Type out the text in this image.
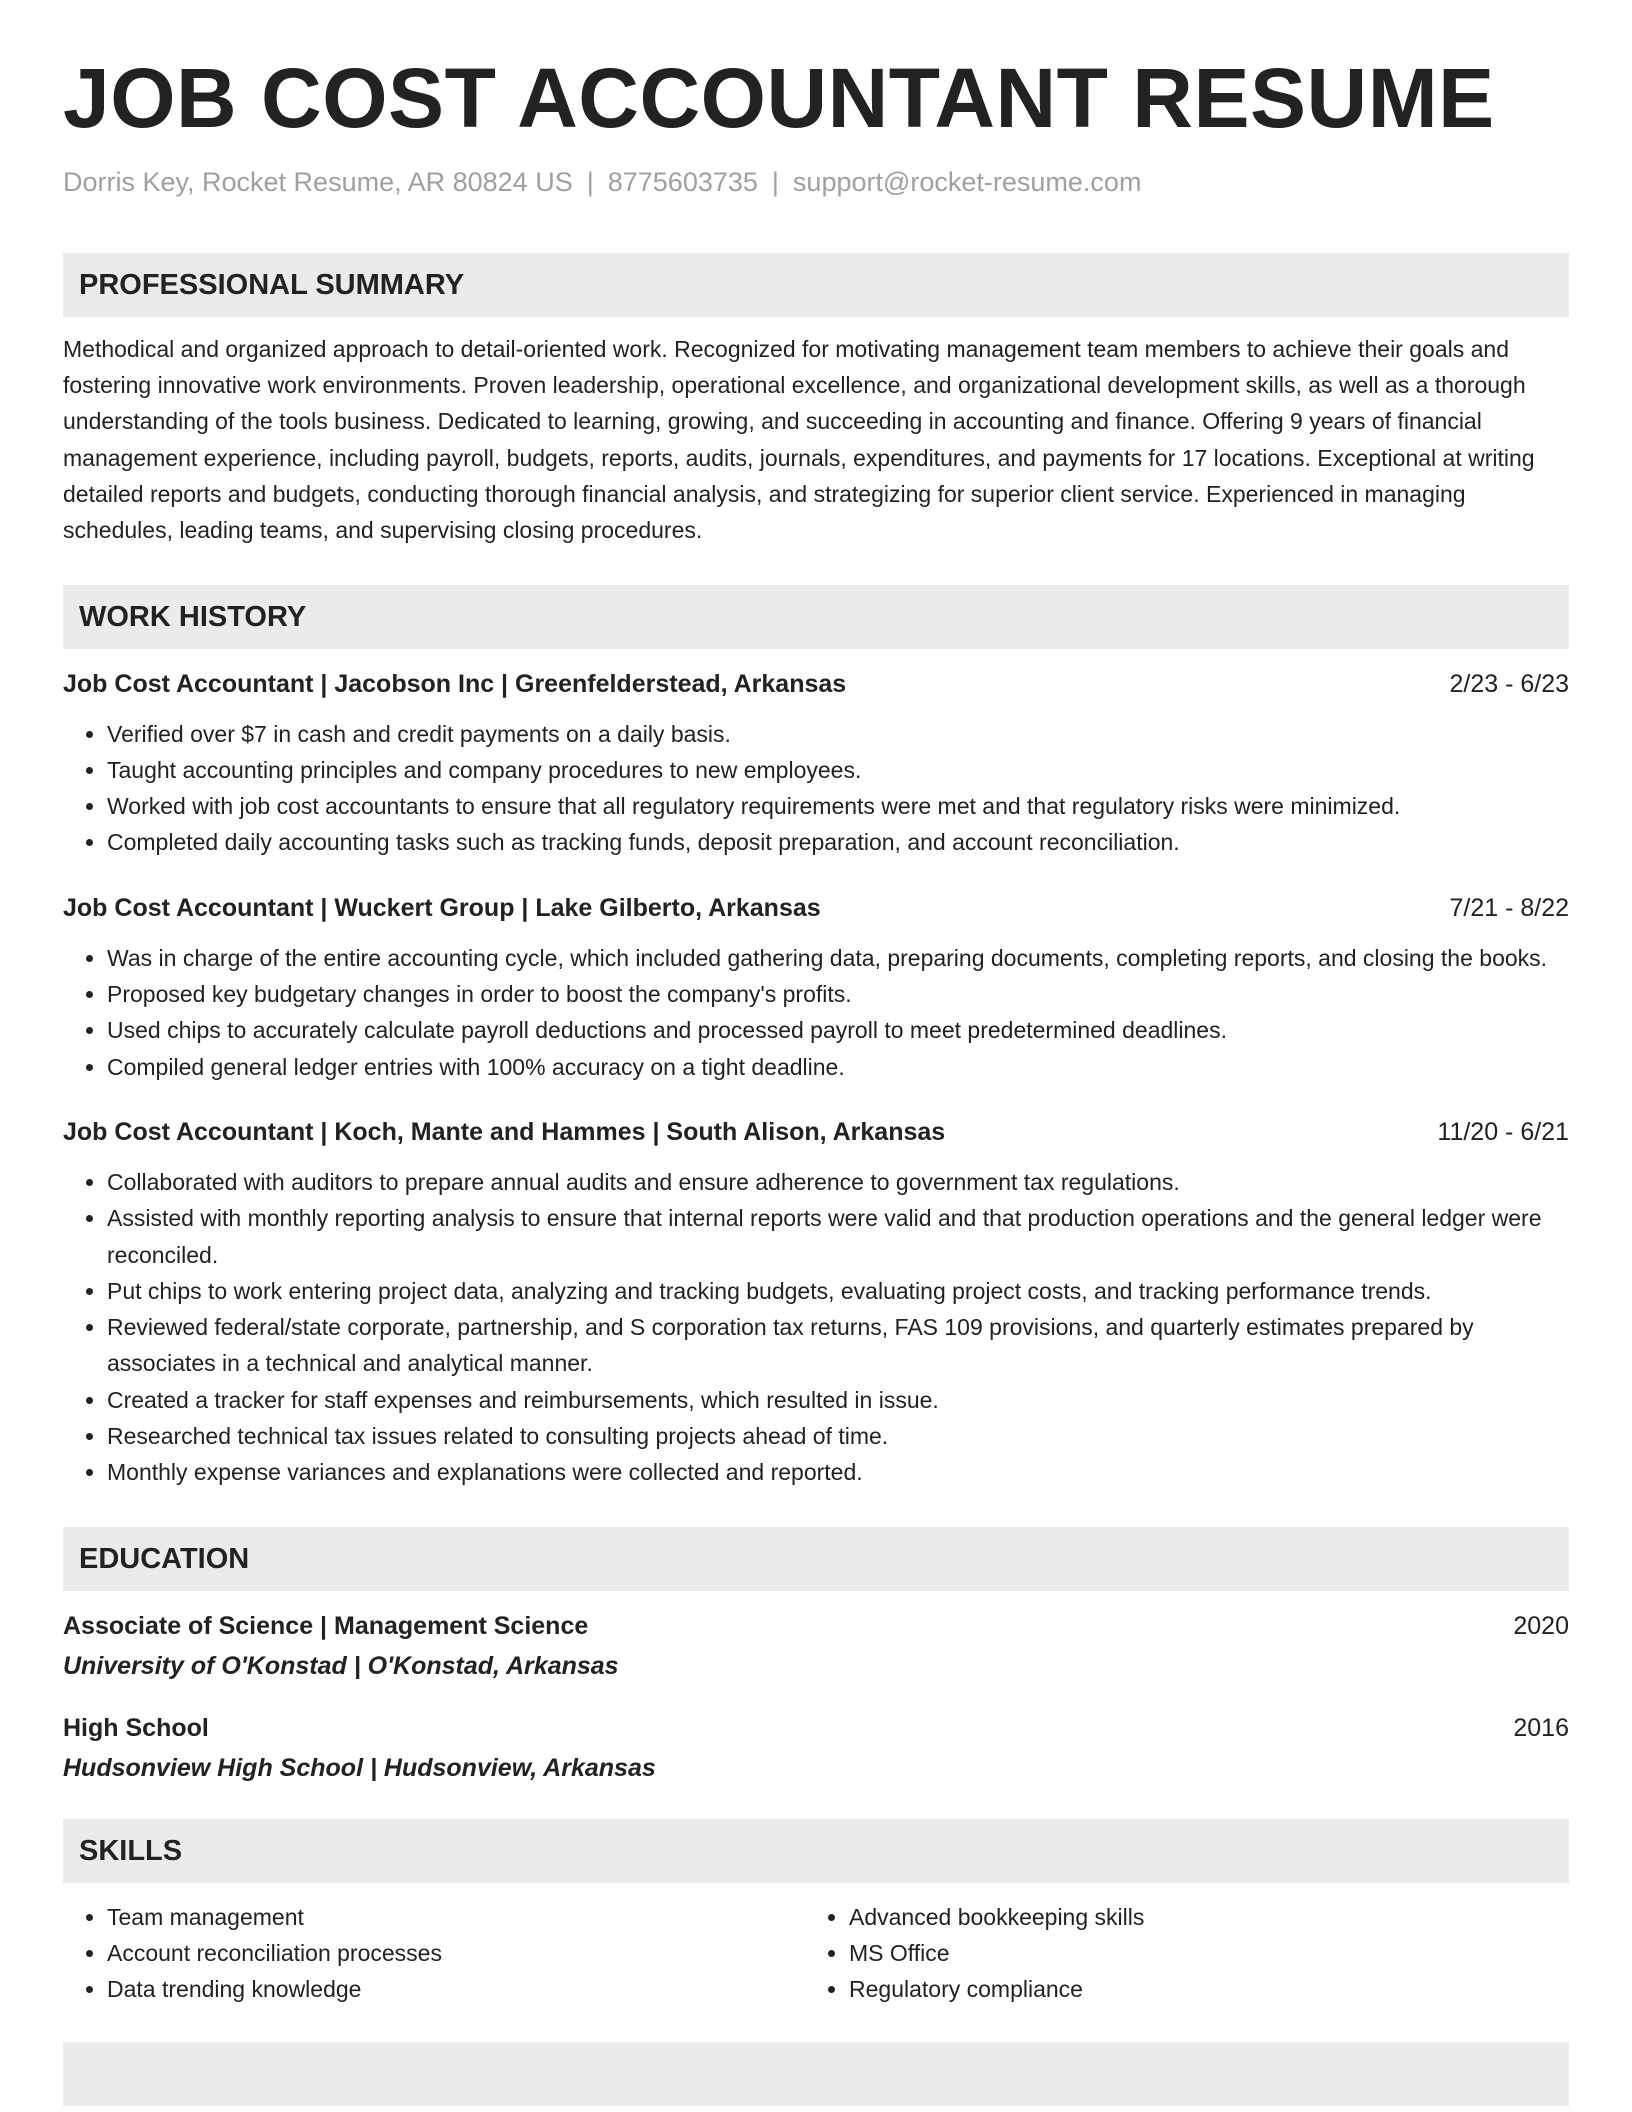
JOB COST ACCOUNTANT RESUME
Dorris Key, Rocket Resume, AR 80824 US | 8775603735 | support@rocket-resume.com
PROFESSIONAL SUMMARY

Methodical and organized approach to detail-oriented work. Recognized for motivating management team members to achieve their goals and fostering innovative work environments. Proven leadership, operational excellence, and organizational development skills, as well as a thorough understanding of the tools business. Dedicated to learning, growing, and succeeding in accounting and finance. Offering 9 years of financial management experience, including payroll, budgets, reports, audits, journals, expenditures, and payments for 17 locations. Exceptional at writing detailed reports and budgets, conducting thorough financial analysis, and strategizing for superior client service. Experienced in managing schedules, leading teams, and supervising closing procedures.

WORK HISTORY
Job Cost Accountant | Jacobson Inc | Greenfelderstead, Arkansas	2/23 - 6/23
• Verified over $7 in cash and credit payments on a daily basis.
• Taught accounting principles and company procedures to new employees.
• Worked with job cost accountants to ensure that all regulatory requirements were met and that regulatory risks were minimized.
• Completed daily accounting tasks such as tracking funds, deposit preparation, and account reconciliation.
Job Cost Accountant | Wuckert Group | Lake Gilberto, Arkansas	7/21 - 8/22
• Was in charge of the entire accounting cycle, which included gathering data, preparing documents, completing reports, and closing the books.
• Proposed key budgetary changes in order to boost the company's profits.
• Used chips to accurately calculate payroll deductions and processed payroll to meet predetermined deadlines.
• Compiled general ledger entries with 100% accuracy on a tight deadline.
Job Cost Accountant | Koch, Mante and Hammes | South Alison, Arkansas	11/20 - 6/21
• Collaborated with auditors to prepare annual audits and ensure adherence to government tax regulations.
• Assisted with monthly reporting analysis to ensure that internal reports were valid and that production operations and the general ledger were reconciled.
• Put chips to work entering project data, analyzing and tracking budgets, evaluating project costs, and tracking performance trends.
• Reviewed federal/state corporate, partnership, and S corporation tax returns, FAS 109 provisions, and quarterly estimates prepared by associates in a technical and analytical manner.
• Created a tracker for staff expenses and reimbursements, which resulted in issue.
• Researched technical tax issues related to consulting projects ahead of time.
• Monthly expense variances and explanations were collected and reported.
EDUCATION
Associate of Science | Management Science	2020
University of O'Konstad | O'Konstad, Arkansas
High School	2016
Hudsonview High School | Hudsonview, Arkansas
SKILLS
• Team management
• Account reconciliation processes
• Data trending knowledge
• Advanced bookkeeping skills
• MS Office
• Regulatory compliance
